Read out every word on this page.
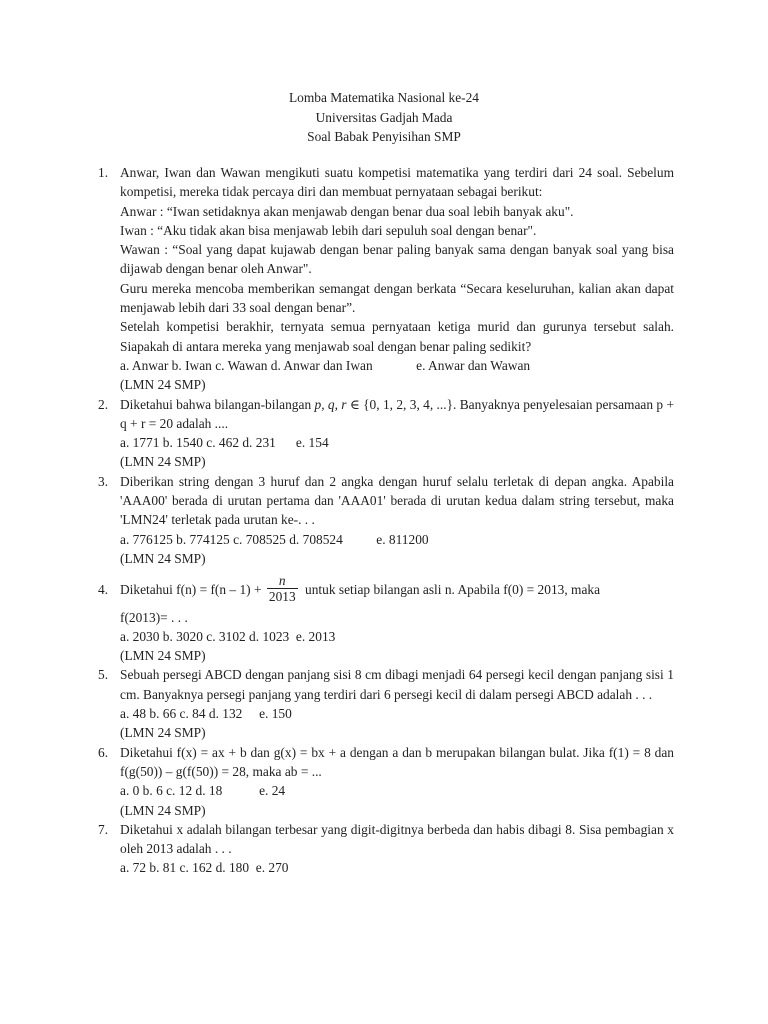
Lomba Matematika Nasional ke-24
Universitas Gadjah Mada
Soal Babak Penyisihan SMP
1. Anwar, Iwan dan Wawan mengikuti suatu kompetisi matematika yang terdiri dari 24 soal. Sebelum kompetisi, mereka tidak percaya diri dan membuat pernyataan sebagai berikut:
Anwar : “Iwan setidaknya akan menjawab dengan benar dua soal lebih banyak aku".
Iwan : “Aku tidak akan bisa menjawab lebih dari sepuluh soal dengan benar".
Wawan : “Soal yang dapat kujawab dengan benar paling banyak sama dengan banyak soal yang bisa dijawab dengan benar oleh Anwar".
Guru mereka mencoba memberikan semangat dengan berkata “Secara keseluruhan, kalian akan dapat menjawab lebih dari 33 soal dengan benar”.
Setelah kompetisi berakhir, ternyata semua pernyataan ketiga murid dan gurunya tersebut salah. Siapakah di antara mereka yang menjawab soal dengan benar paling sedikit?
a. Anwar b. Iwan c. Wawan d. Anwar dan Iwan             e. Anwar dan Wawan
(LMN 24 SMP)
2. Diketahui bahwa bilangan-bilangan p, q, r ∈ {0, 1, 2, 3, 4, ...}. Banyaknya penyelesaian persamaan p + q + r = 20 adalah ....
a. 1771 b. 1540 c. 462 d. 231      e. 154
(LMN 24 SMP)
3. Diberikan string dengan 3 huruf dan 2 angka dengan huruf selalu terletak di depan angka. Apabila 'AAA00' berada di urutan pertama dan 'AAA01' berada di urutan kedua dalam string tersebut, maka 'LMN24' terletak pada urutan ke-. . .
a. 776125 b. 774125 c. 708525 d. 708524          e. 811200
(LMN 24 SMP)
4. Diketahui $f(n) = f(n - 1) + \frac{n}{2013}$ untuk setiap bilangan asli n. Apabila f(0) = 2013, maka
f(2013)= . . .
a. 2030 b. 3020 c. 3102 d. 1023  e. 2013
(LMN 24 SMP)
5. Sebuah persegi ABCD dengan panjang sisi 8 cm dibagi menjadi 64 persegi kecil dengan panjang sisi 1 cm. Banyaknya persegi panjang yang terdiri dari 6 persegi kecil di dalam persegi ABCD adalah . . .
a. 48 b. 66 c. 84 d. 132     e. 150
(LMN 24 SMP)
6. Diketahui f(x) = ax + b dan g(x) = bx + a dengan a dan b merupakan bilangan bulat. Jika f(1) = 8 dan f(g(50)) – g(f(50)) = 28, maka ab = ...
a. 0 b. 6 c. 12 d. 18           e. 24
(LMN 24 SMP)
7. Diketahui x adalah bilangan terbesar yang digit-digitnya berbeda dan habis dibagi 8. Sisa pembagian x oleh 2013 adalah . . .
a. 72 b. 81 c. 162 d. 180  e. 270
